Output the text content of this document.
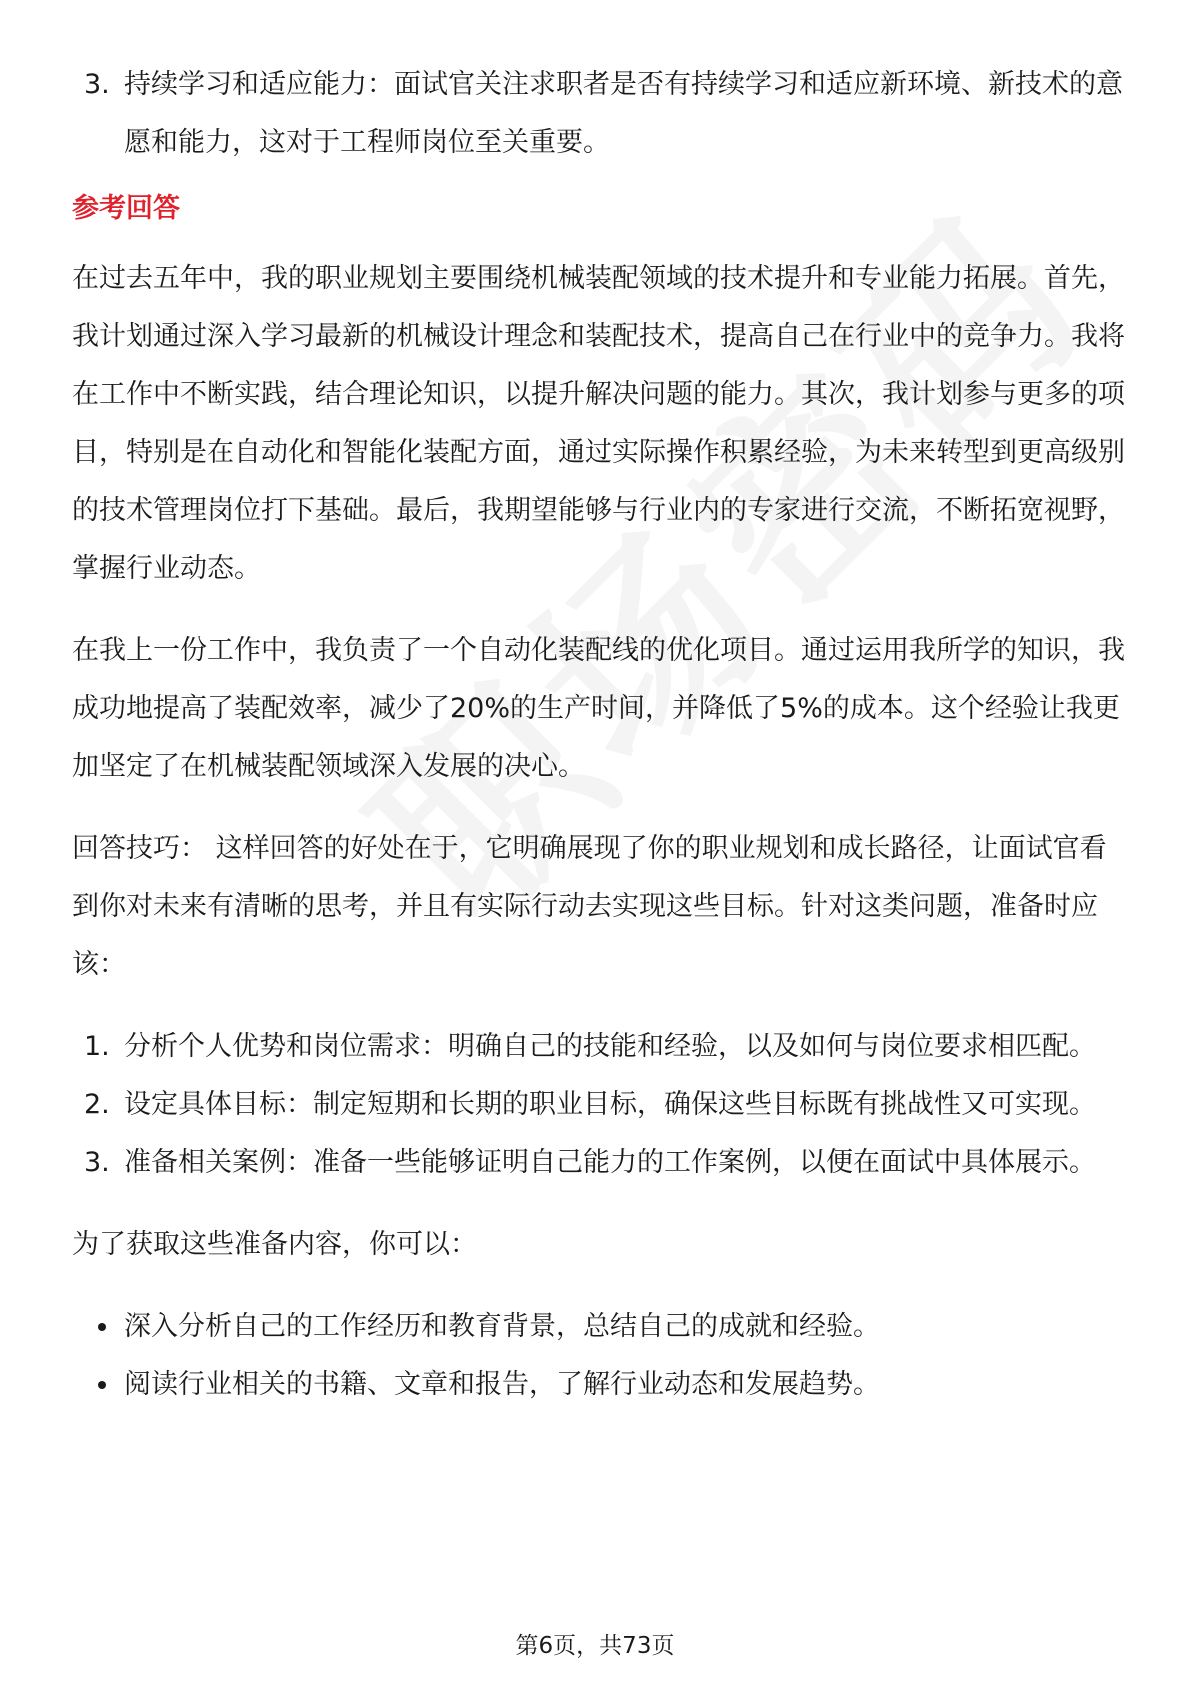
3. 持续学习和适应能力：面试官关注求职者是否有持续学习和适应新环境、新技术的意愿和能力，这对于工程师岗位至关重要。
参考回答

在过去五年中，我的职业规划主要围绕机械装配领域的技术提升和专业能力拓展。首先，我计划通过深入学习最新的机械设计理念和装配技术，提高自己在行业中的竞争力。我将在工作中不断实践，结合理论知识，以提升解决问题的能力。其次，我计划参与更多的项目，特别是在自动化和智能化装配方面，通过实际操作积累经验，为未来转型到更高级别的技术管理岗位打下基础。最后，我期望能够与行业内的专家进行交流，不断拓宽视野，掌握行业动态。

在我上一份工作中，我负责了一个自动化装配线的优化项目。通过运用我所学的知识，我成功地提高了装配效率，减少了20%的生产时间，并降低了5%的成本。这个经验让我更加坚定了在机械装配领域深入发展的决心。

回答技巧： 这样回答的好处在于，它明确展现了你的职业规划和成长路径，让面试官看到你对未来有清晰的思考，并且有实际行动去实现这些目标。针对这类问题，准备时应该：

1. 分析个人优势和岗位需求：明确自己的技能和经验，以及如何与岗位要求相匹配。
2. 设定具体目标：制定短期和长期的职业目标，确保这些目标既有挑战性又可实现。
3. 准备相关案例：准备一些能够证明自己能力的工作案例，以便在面试中具体展示。

为了获取这些准备内容，你可以：

深入分析自己的工作经历和教育背景，总结自己的成就和经验。
阅读行业相关的书籍、文章和报告，了解行业动态和发展趋势。
第6页，共73页
